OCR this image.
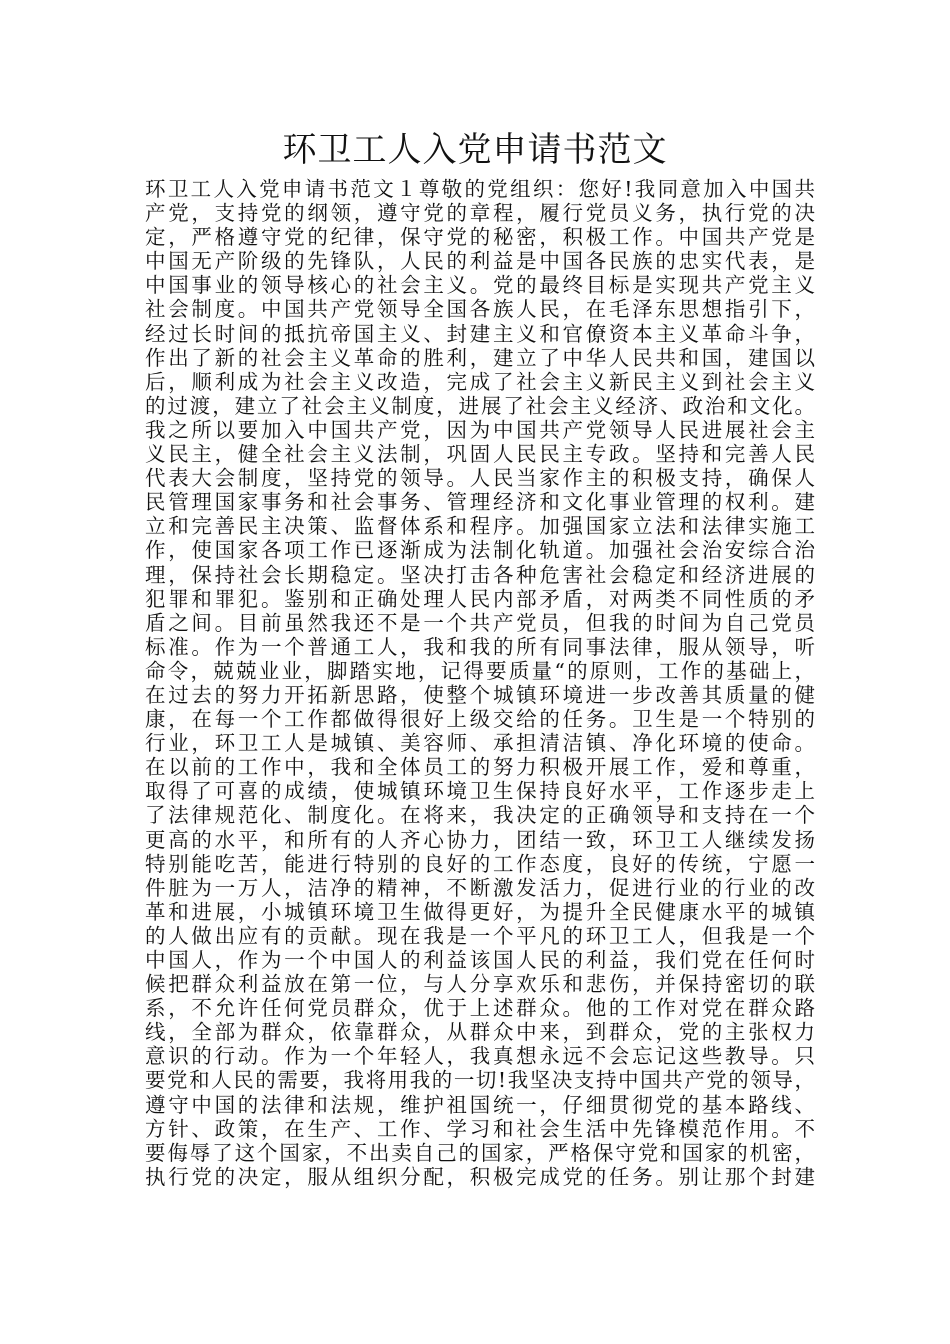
环卫工人入党申请书范文
环卫工人入党申请书范文１尊敬的党组织：您好!我同意加入中国共
产党，支持党的纲领，遵守党的章程，履行党员义务，执行党的决
定，严格遵守党的纪律，保守党的秘密，积极工作。中国共产党是
中国无产阶级的先锋队，人民的利益是中国各民族的忠实代表，是
中国事业的领导核心的社会主义。党的最终目标是实现共产党主义
社会制度。中国共产党领导全国各族人民，在毛泽东思想指引下，
经过长时间的抵抗帝国主义、封建主义和官僚资本主义革命斗争，
作出了新的社会主义革命的胜利，建立了中华人民共和国，建国以
后，顺利成为社会主义改造，完成了社会主义新民主义到社会主义
的过渡，建立了社会主义制度，进展了社会主义经济、政治和文化。
我之所以要加入中国共产党，因为中国共产党领导人民进展社会主
义民主，健全社会主义法制，巩固人民民主专政。坚持和完善人民
代表大会制度，坚持党的领导。人民当家作主的积极支持，确保人
民管理国家事务和社会事务、管理经济和文化事业管理的权利。建
立和完善民主决策、监督体系和程序。加强国家立法和法律实施工
作，使国家各项工作已逐渐成为法制化轨道。加强社会治安综合治
理，保持社会长期稳定。坚决打击各种危害社会稳定和经济进展的
犯罪和罪犯。鉴别和正确处理人民内部矛盾，对两类不同性质的矛
盾之间。目前虽然我还不是一个共产党员，但我的时间为自己党员
标准。作为一个普通工人，我和我的所有同事法律，服从领导，听
命令，兢兢业业，脚踏实地，记得要质量“的原则，工作的基础上，
在过去的努力开拓新思路，使整个城镇环境进一步改善其质量的健
康，在每一个工作都做得很好上级交给的任务。卫生是一个特别的
行业，环卫工人是城镇、美容师、承担清洁镇、净化环境的使命。
在以前的工作中，我和全体员工的努力积极开展工作，爱和尊重，
取得了可喜的成绩，使城镇环境卫生保持良好水平，工作逐步走上
了法律规范化、制度化。在将来，我决定的正确领导和支持在一个
更高的水平，和所有的人齐心协力，团结一致，环卫工人继续发扬
特别能吃苦，能进行特别的良好的工作态度，良好的传统，宁愿一
件脏为一万人，洁净的精神，不断激发活力，促进行业的行业的改
革和进展，小城镇环境卫生做得更好，为提升全民健康水平的城镇
的人做出应有的贡献。现在我是一个平凡的环卫工人，但我是一个
中国人，作为一个中国人的利益该国人民的利益，我们党在任何时
候把群众利益放在第一位，与人分享欢乐和悲伤，并保持密切的联
系，不允许任何党员群众，优于上述群众。他的工作对党在群众路
线，全部为群众，依靠群众，从群众中来，到群众，党的主张权力
意识的行动。作为一个年轻人，我真想永远不会忘记这些教导。只
要党和人民的需要，我将用我的一切!我坚决支持中国共产党的领导，
遵守中国的法律和法规，维护祖国统一，仔细贯彻党的基本路线、
方针、政策，在生产、工作、学习和社会生活中先锋模范作用。不
要侮辱了这个国家，不出卖自己的国家，严格保守党和国家的机密，
执行党的决定，服从组织分配，积极完成党的任务。别让那个封建
